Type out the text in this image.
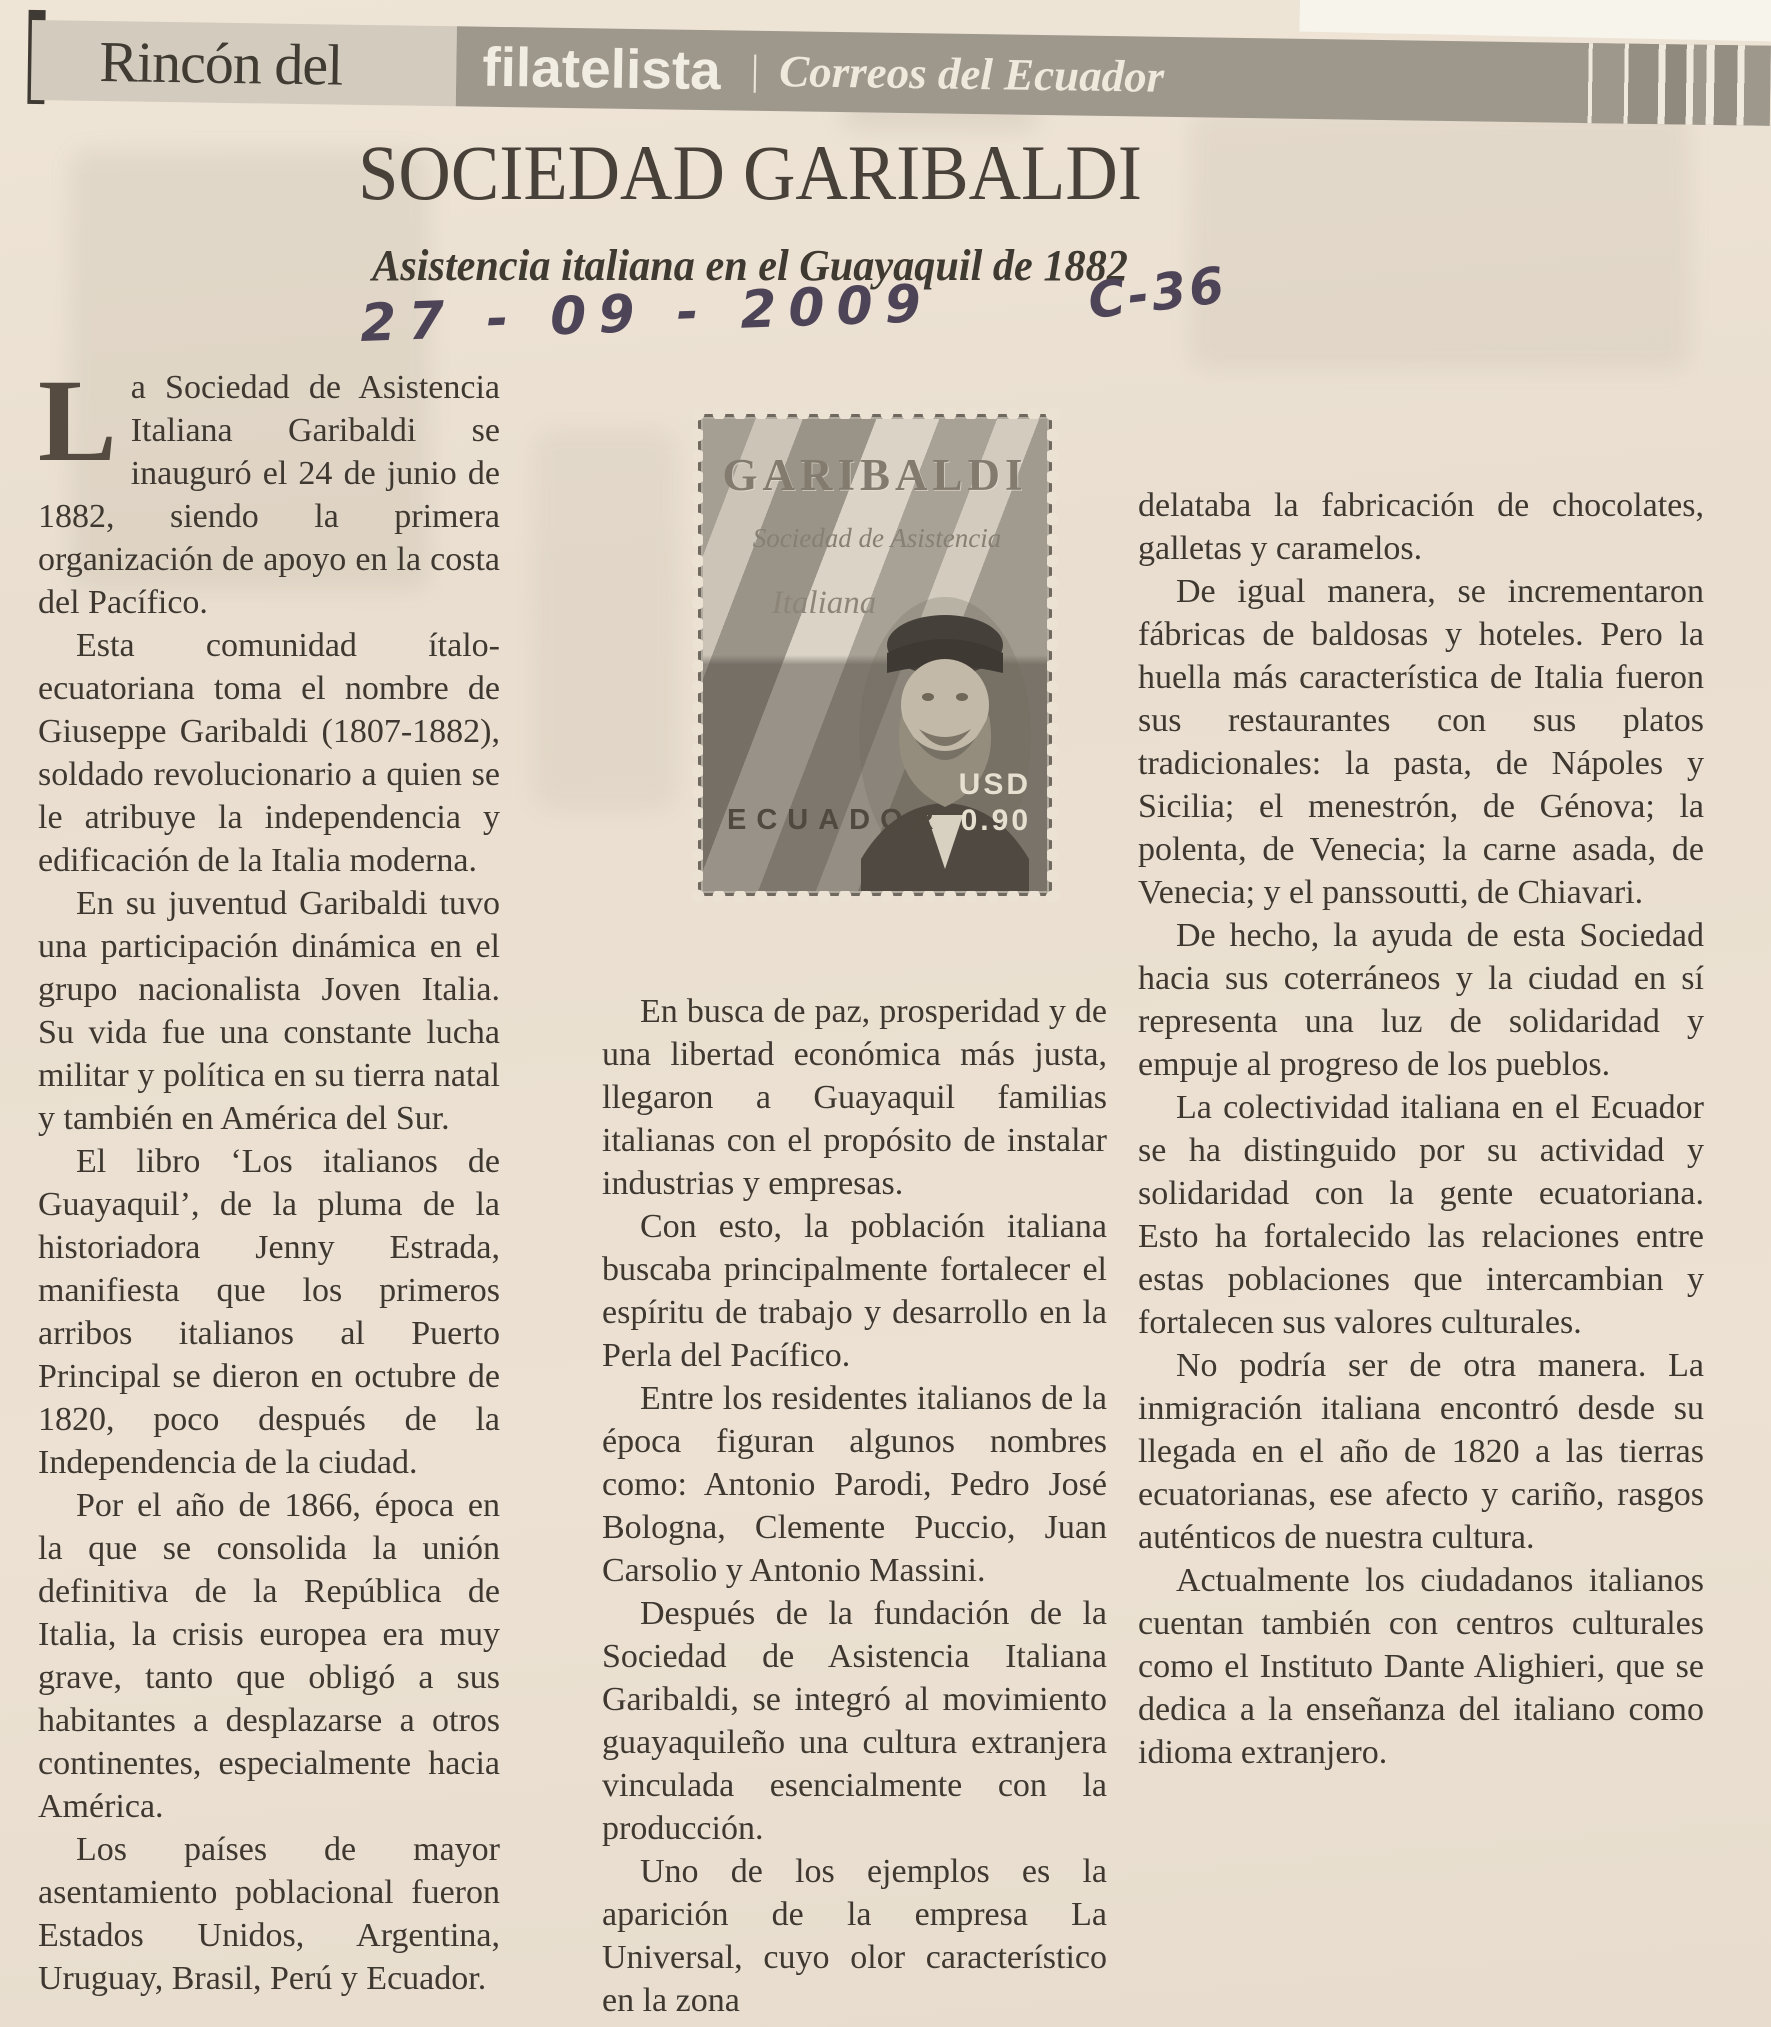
Rincón del	filatelista | Correos del Ecuador
SOCIEDAD GARIBALDI
Asistencia italiana en el Guayaquil de 1882
27 - 09 - 2009	C-36
GARIBALDI
Sociedad de Asistencia
Italiana
ECUADOR
USD
0.90

La Sociedad de Asistencia Italiana Garibaldi se inauguró el 24 de junio de 1882, siendo la primera organización de apoyo en la costa del Pacífico.

Esta comunidad ítalo-ecuatoriana toma el nombre de Giuseppe Garibaldi (1807-1882), soldado revolucionario a quien se le atribuye la independencia y edificación de la Italia moderna.

En su juventud Garibaldi tuvo una participación dinámica en el grupo nacionalista Joven Italia. Su vida fue una constante lucha militar y política en su tierra natal y también en América del Sur.

El libro ‘Los italianos de Guayaquil’, de la pluma de la historiadora Jenny Estrada, manifiesta que los primeros arribos italianos al Puerto Principal se dieron en octubre de 1820, poco después de la Independencia de la ciudad.

Por el año de 1866, época en la que se consolida la unión definitiva de la República de Italia, la crisis europea era muy grave, tanto que obligó a sus habitantes a desplazarse a otros continentes, especialmente hacia América.

Los países de mayor asentamiento poblacional fueron Estados Unidos, Argentina, Uruguay, Brasil, Perú y Ecuador.

En busca de paz, prosperidad y de una libertad económica más justa, llegaron a Guayaquil familias italianas con el propósito de instalar industrias y empresas.

Con esto, la población italiana buscaba principalmente fortalecer el espíritu de trabajo y desarrollo en la Perla del Pacífico.

Entre los residentes italianos de la época figuran algunos nombres como: Antonio Parodi, Pedro José Bologna, Clemente Puccio, Juan Carsolio y Antonio Massini.

Después de la fundación de la Sociedad de Asistencia Italiana Garibaldi, se integró al movimiento guayaquileño una cultura extranjera vinculada esencialmente con la producción.

Uno de los ejemplos es la aparición de la empresa La Universal, cuyo olor característico en la zona

delataba la fabricación de chocolates, galletas y caramelos.

De igual manera, se incrementaron fábricas de baldosas y hoteles. Pero la huella más característica de Italia fueron sus restaurantes con sus platos tradicionales: la pasta, de Nápoles y Sicilia; el menestrón, de Génova; la polenta, de Venecia; la carne asada, de Venecia; y el panssoutti, de Chiavari.

De hecho, la ayuda de esta Sociedad hacia sus coterráneos y la ciudad en sí representa una luz de solidaridad y empuje al progreso de los pueblos.

La colectividad italiana en el Ecuador se ha distinguido por su actividad y solidaridad con la gente ecuatoriana. Esto ha fortalecido las relaciones entre estas poblaciones que intercambian y fortalecen sus valores culturales.

No podría ser de otra manera. La inmigración italiana encontró desde su llegada en el año de 1820 a las tierras ecuatorianas, ese afecto y cariño, rasgos auténticos de nuestra cultura.

Actualmente los ciudadanos italianos cuentan también con centros culturales como el Instituto Dante Alighieri, que se dedica a la enseñanza del italiano como idioma extranjero.
